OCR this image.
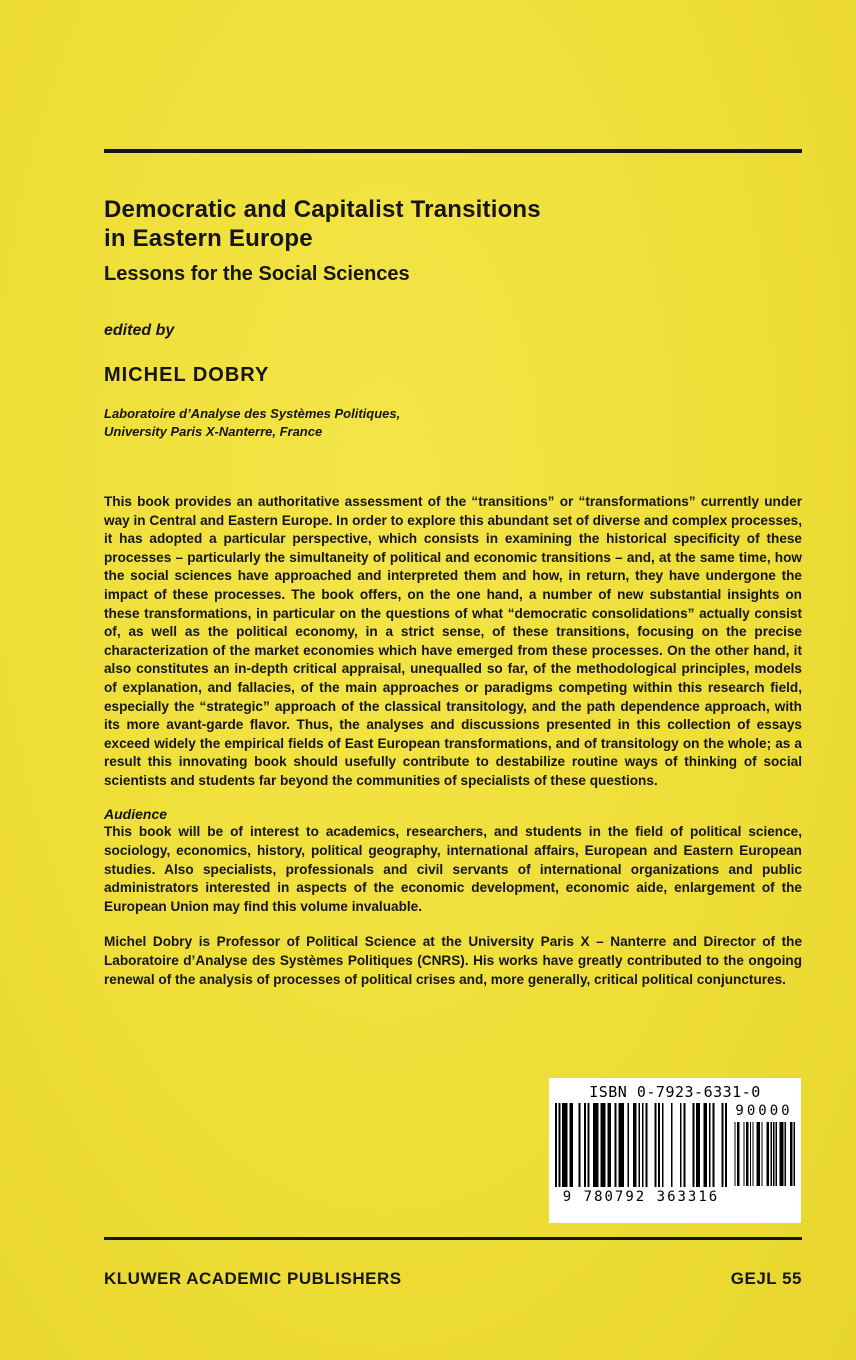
Democratic and Capitalist Transitions
in Eastern Europe
Lessons for the Social Sciences
edited by
MICHEL DOBRY
Laboratoire d’Analyse des Systèmes Politiques,
University Paris X-Nanterre, France
This book provides an authoritative assessment of the “transitions” or “transformations” currently under way in Central and Eastern Europe. In order to explore this abundant set of diverse and complex processes, it has adopted a particular perspective, which consists in examining the historical specificity of these processes – particularly the simultaneity of political and economic transitions – and, at the same time, how the social sciences have approached and interpreted them and how, in return, they have undergone the impact of these processes. The book offers, on the one hand, a number of new substantial insights on these transformations, in particular on the questions of what “democratic consolidations” actually consist of, as well as the political economy, in a strict sense, of these transitions, focusing on the precise characterization of the market economies which have emerged from these processes. On the other hand, it also constitutes an in-depth critical appraisal, unequalled so far, of the methodological principles, models of explanation, and fallacies, of the main approaches or paradigms competing within this research field, especially the “strategic” approach of the classical transitology, and the path dependence approach, with its more avant-garde flavor. Thus, the analyses and discussions presented in this collection of essays exceed widely the empirical fields of East European transformations, and of transitology on the whole; as a result this innovating book should usefully contribute to destabilize routine ways of thinking of social scientists and students far beyond the communities of specialists of these questions.
Audience
This book will be of interest to academics, researchers, and students in the field of political science, sociology, economics, history, political geography, international affairs, European and Eastern European studies. Also specialists, professionals and civil servants of international organizations and public administrators interested in aspects of the economic development, economic aide, enlargement of the European Union may find this volume invaluable.
Michel Dobry is Professor of Political Science at the University Paris X – Nanterre and Director of the Laboratoire d’Analyse des Systèmes Politiques (CNRS). His works have greatly contributed to the ongoing renewal of the analysis of processes of political crises and, more generally, critical political conjunctures.
ISBN 0-7923-6331-0
9 780792 363316
90000
KLUWER ACADEMIC PUBLISHERS	GEJL 55
